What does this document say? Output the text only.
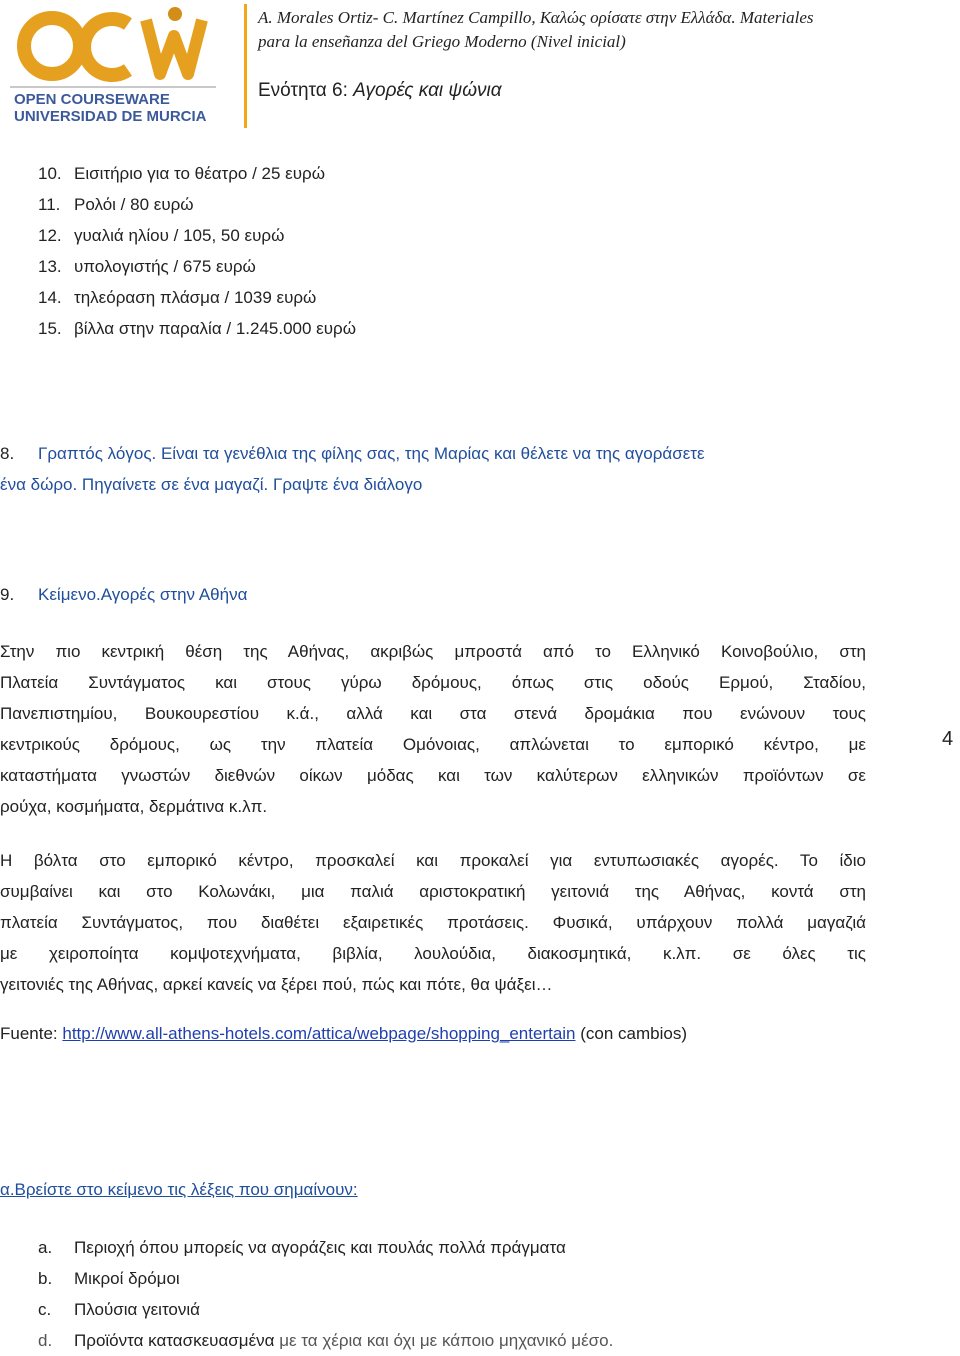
OPEN COURSEWARE
UNIVERSIDAD DE MURCIA
A. Morales Ortiz- C. Martínez Campillo, Καλώς ορίσατε στην Ελλάδα. Materiales
para la enseñanza del Griego Moderno (Nivel inicial)
Ενότητα 6: Αγορές και ψώνια
10. Εισιτήριο για το θέατρο / 25 ευρώ
11. Ρολόι / 80 ευρώ
12. γυαλιά ηλίου / 105, 50 ευρώ
13. υπολογιστής / 675 ευρώ
14. τηλεόραση πλάσμα / 1039 ευρώ
15. βίλλα στην παραλία / 1.245.000 ευρώ
8. Γραπτός λόγος. Είναι τα γενέθλια της φίλης σας, της Μαρίας και θέλετε να της αγοράσετε
ένα δώρο. Πηγαίνετε σε ένα μαγαζί. Γραψτε ένα διάλογο
9. Κείμενο.Αγορές στην Αθήνα
Στην πιο κεντρική θέση της Αθήνας, ακριβώς μπροστά από το Ελληνικό Κοινοβούλιο, στη
Πλατεία Συντάγματος και στους γύρω δρόμους, όπως στις οδούς Ερμού, Σταδίου,
Πανεπιστημίου, Βουκουρεστίου κ.ά., αλλά και στα στενά δρομάκια που ενώνουν τους
κεντρικούς δρόμους, ως την πλατεία Ομόνοιας, απλώνεται το εμπορικό κέντρο, με
καταστήματα γνωστών διεθνών οίκων μόδας και των καλύτερων ελληνικών προϊόντων σε
ρούχα, κοσμήματα, δερμάτινα κ.λπ.
4
Η βόλτα στο εμπορικό κέντρο, προσκαλεί και προκαλεί για εντυπωσιακές αγορές. Το ίδιο
συμβαίνει και στο Κολωνάκι, μια παλιά αριστοκρατική γειτονιά της Αθήνας, κοντά στη
πλατεία Συντάγματος, που διαθέτει εξαιρετικές προτάσεις. Φυσικά, υπάρχουν πολλά μαγαζιά
με χειροποίητα κομψοτεχνήματα, βιβλία, λουλούδια, διακοσμητικά, κ.λπ. σε όλες τις
γειτονιές της Αθήνας, αρκεί κανείς να ξέρει πού, πώς και πότε, θα ψάξει…
Fuente: http://www.all-athens-hotels.com/attica/webpage/shopping_entertain (con cambios)
α.Βρείστε στο κείμενο τις λέξεις που σημαίνουν:
a. Περιοχή όπου μπορείς να αγοράζεις και πουλάς πολλά πράγματα
b. Μικροί δρόμοι
c. Πλούσια γειτονιά
d. Προϊόντα κατασκευασμένα με τα χέρια και όχι με κάποιο μηχανικό μέσο.
